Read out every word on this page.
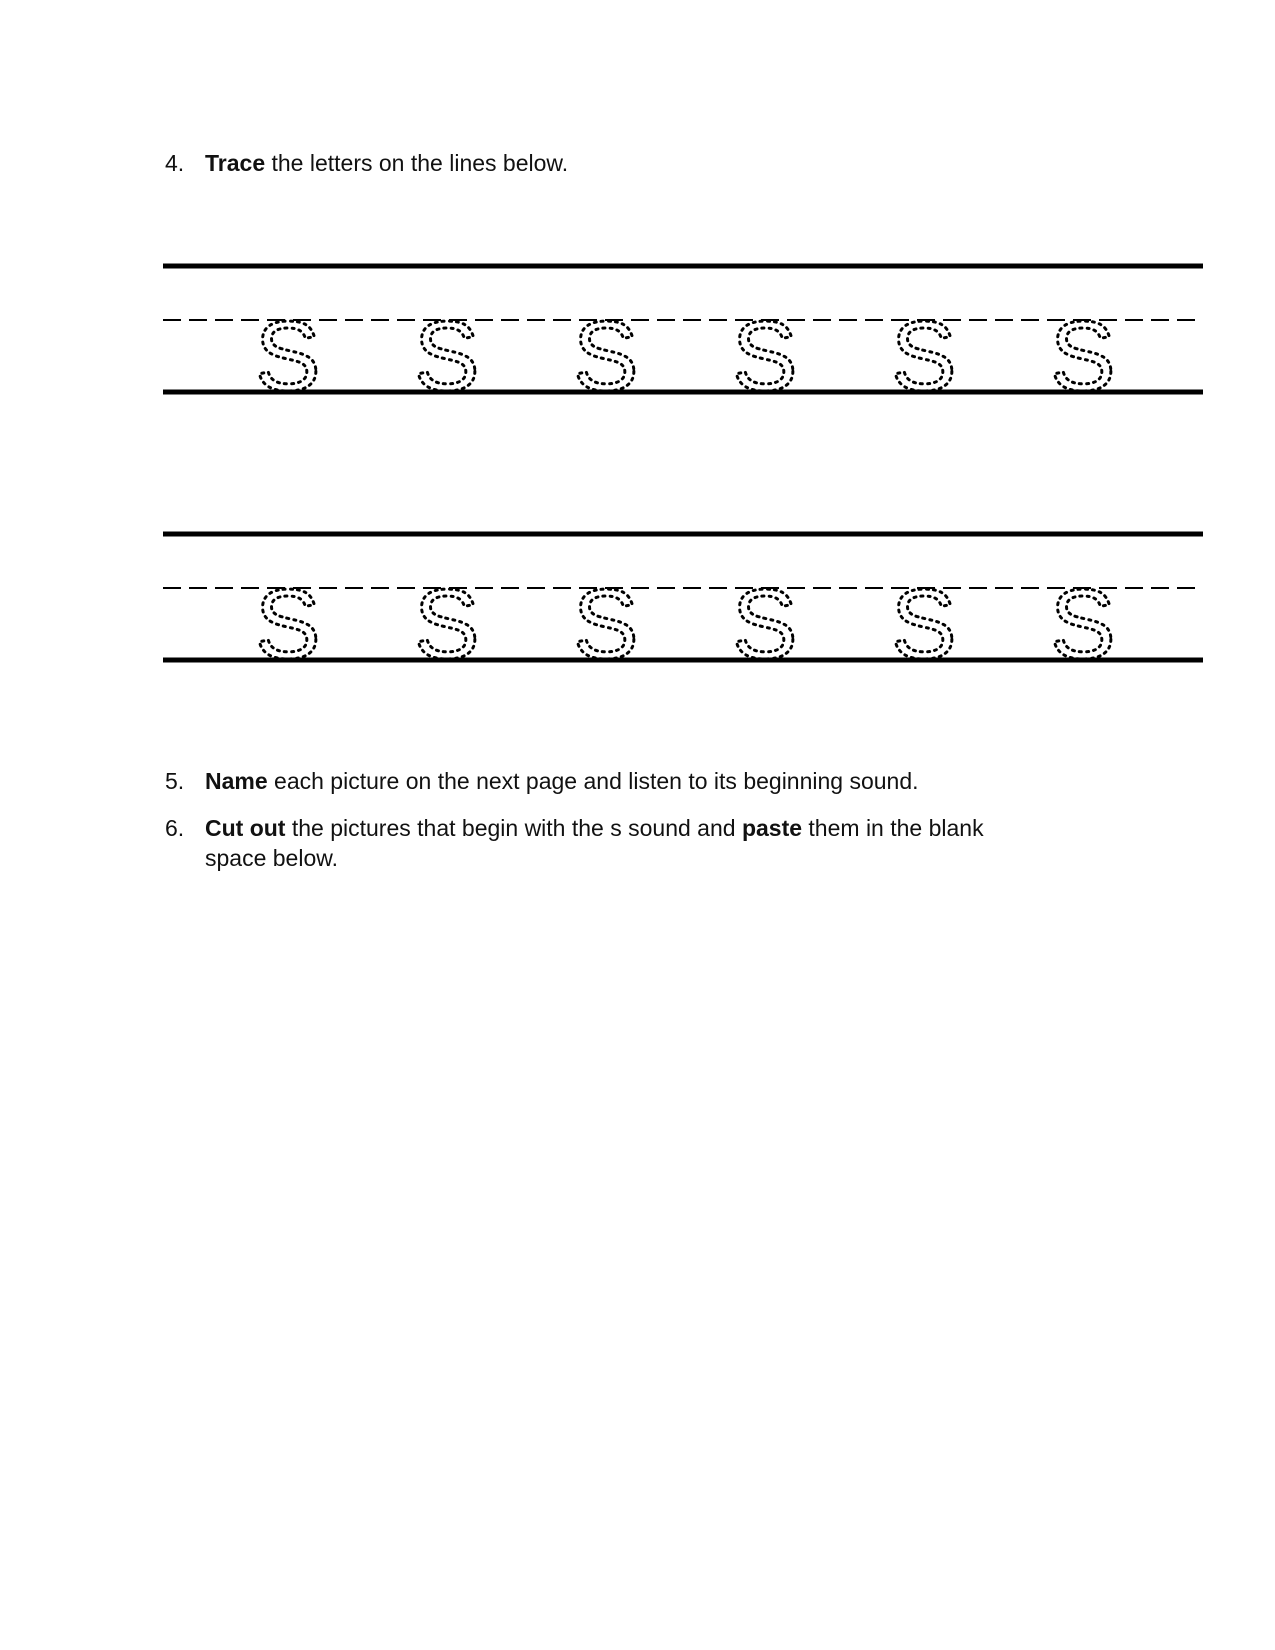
4. Trace the letters on the lines below.
S S S S S S
S S S S S S
5. Name each picture on the next page and listen to its beginning sound.
6. Cut out the pictures that begin with the s sound and paste them in the blank
space below.
